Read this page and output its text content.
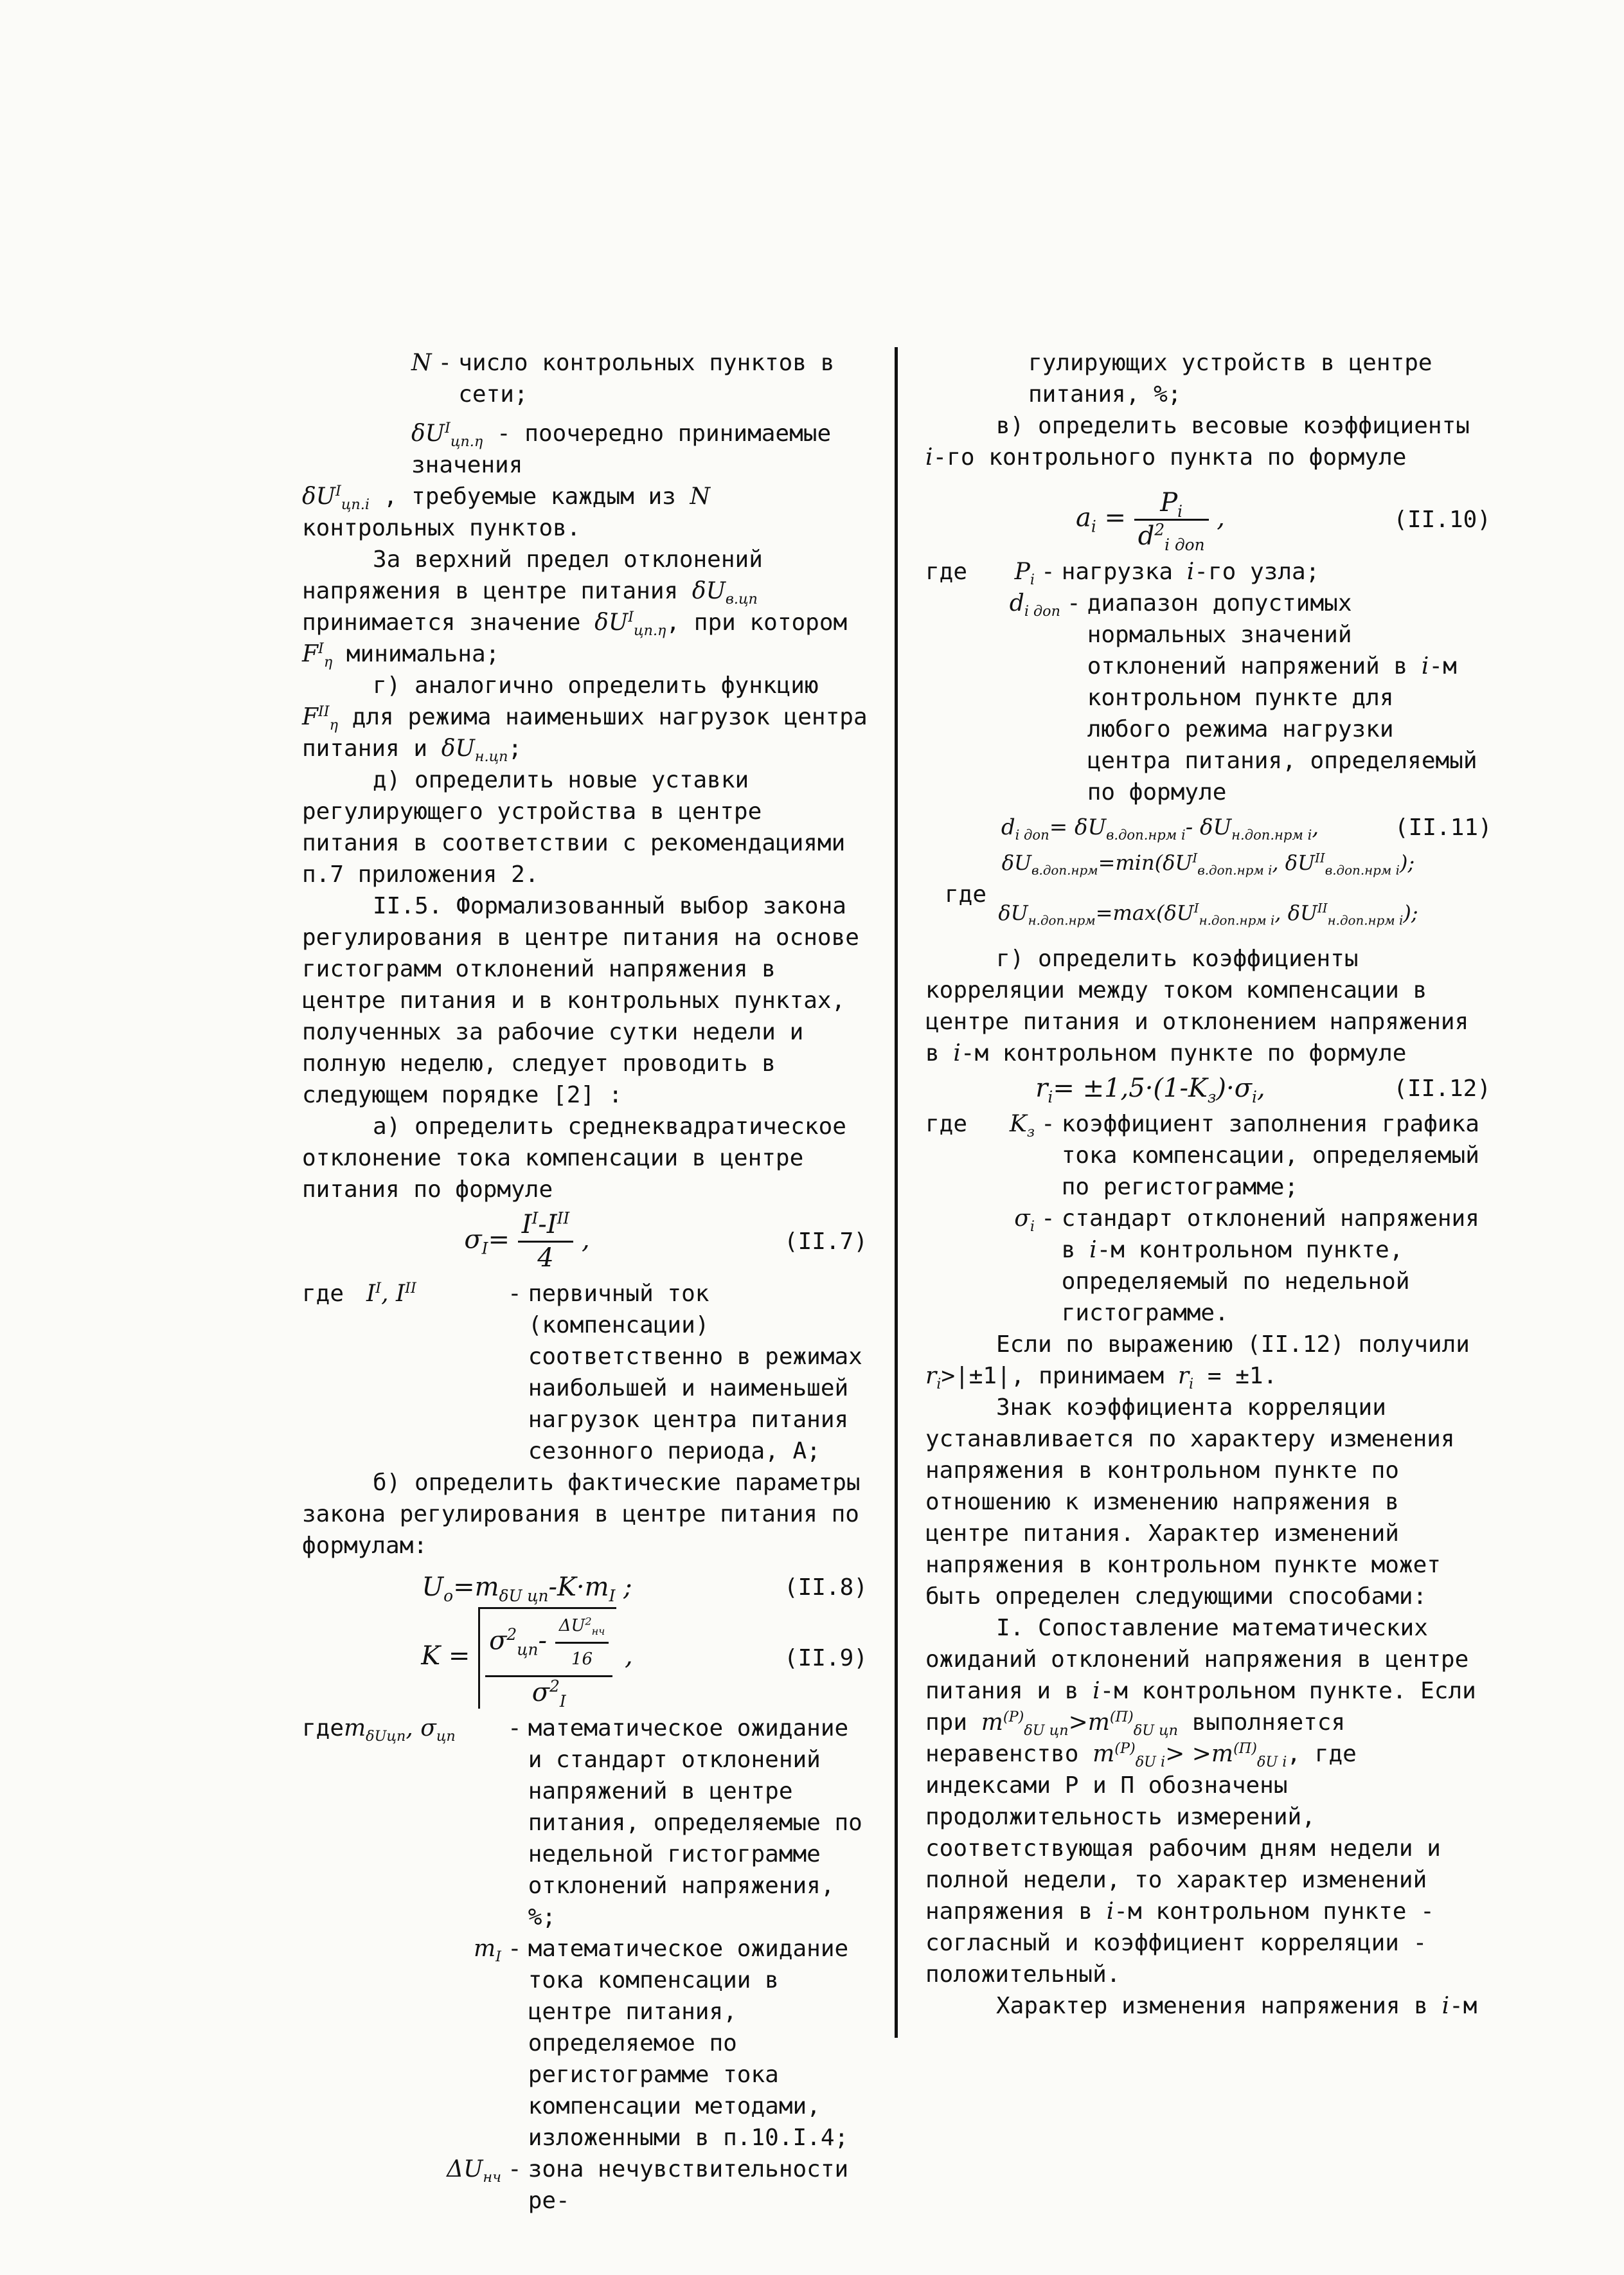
N - число контрольных пунктов в сети;

$\delta U^I_{цп.\eta}$ - поочередно принимаемые значения

$\delta U^I_{цп.i}$ , требуемые каждым из N контрольных пунктов.

За верхний предел отклонений напряжения в центре питания $\delta U_{в.цп}$ принимается значение $\delta U^I_{цп.\eta}$, при котором $F^I_\eta$ минимальна;

г) аналогично определить функцию $F^{II}_\eta$ для режима наименьших нагрузок центра питания и $\delta U_{н.цп}$;

д) определить новые уставки регулирующего устройства в центре питания в соответствии с рекомендациями п.7 приложения 2.

II.5. Формализованный выбор закона регулирования в центре питания на основе гистограмм отклонений напряжения в центре питания и в контрольных пунктах, полученных за рабочие сутки недели и полную неделю, следует проводить в следующем порядке [2] :

а) определить среднеквадратическое отклонение тока компенсации в центре питания по формуле

$\sigma_I= \frac{I^I-I^{II}}{4}$ ,	(II.7)
где $I^I$, $I^{II}$	- первичный ток (компенсации) соответственно в режимах наибольшей и наименьшей нагрузок центра питания сезонного периода, А;

б) определить фактические параметры закона регулирования в центре питания по формулам:

$U_o=m_{\delta U цп}-K\cdot m_I$ ;	(II.8)
$K = \frac{\sigma^2_{цп}- \frac{\Delta U^2_{нч}}{16}}{\sigma^2_I}$ ,	(II.9)
гдеm$_{\delta Uцп}$, $\sigma_{цп}$	- математическое ожидание и стандарт отклонений напряжений в центре питания, определяемые по недельной гистограмме отклонений напряжения, %;
$m_I$ - математическое ожидание тока компенсации в центре питания, определяемое по регистограмме тока компенсации методами, изложенными в п.10.I.4;
$\Delta U_{нч}$ - зона нечувствительности ре-

гулирующих устройств в центре питания, %;

в) определить весовые коэффициенты i-го контрольного пункта по формуле

$a_i = \frac{P_i}{d^2_{i доп}}$ ,	(II.10)
где	$P_i$ - нагрузка i-го узла;
$d_{i доп}$ - диапазон допустимых нормальных значений отклонений напряжений в i-м контрольном пункте для любого режима нагрузки центра питания, определяемый по формуле
$d_{i доп}= \delta U_{в.доп.нрм i}-$ $\delta U_{н.доп.нрм i}$,	(II.11)

$\delta U_{в.доп.нрм}=\min(\delta U^I_{в.доп.нрм i}$, $\delta U^{II}_{в.доп.нрм i}$);

где

$\delta U_{н.доп.нрм}=\max(\delta U^I_{н.доп.нрм i}$, $\delta U^{II}_{н.доп.нрм i}$);

г) определить коэффициенты корреляции между током компенсации в центре питания и отклонением напряжения в i-м контрольном пункте по формуле

$r_i= \pm 1,5\cdot(1-K_з)\cdot\sigma_i$,	(II.12)
где	$K_з$ - коэффициент заполнения графика тока компенсации, определяемый по регистограмме;
$\sigma_i$ - стандарт отклонений напряжения в i-м контрольном пункте, определяемый по недельной гистограмме.

Если по выражению (II.12) получили $r_i>|\pm 1|$, принимаем $r_i = \pm 1$.

Знак коэффициента корреляции устанавливается по характеру изменения напряжения в контрольном пункте по отношению к изменению напряжения в центре питания. Характер изменений напряжения в контрольном пункте может быть определен следующими способами:

I. Сопоставление математических ожиданий отклонений напряжения в центре питания и в i-м контрольном пункте. Если при $m^{(P)}_{\delta U цп}>m^{(П)}_{\delta U цп}$ выполняется неравенство $m^{(P)}_{\delta U i}> >m^{(П)}_{\delta U i}$, где индексами Р и П обозначены продолжительность измерений, соответствующая рабочим дням недели и полной недели, то характер изменений напряжения в i-м контрольном пункте - согласный и коэффициент корреляции - положительный.

Характер изменения напряжения в i-м
